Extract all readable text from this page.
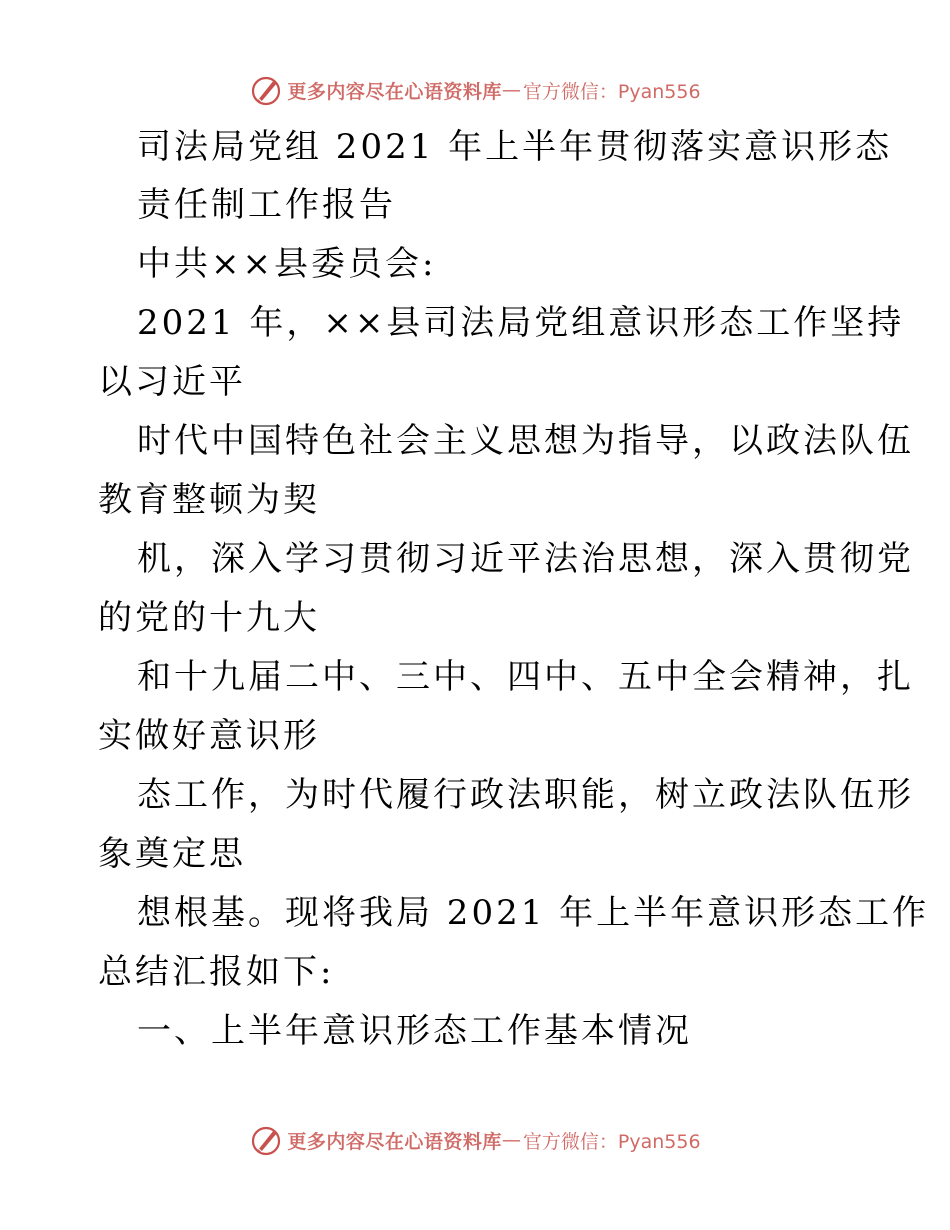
更多内容尽在心语资料库 — 官方微信：Pyan556
司法局党组 2021 年上半年贯彻落实意识形态
责任制工作报告
中共××县委员会:
2021 年，××县司法局党组意识形态工作坚持
以习近平
时代中国特色社会主义思想为指导，以政法队伍
教育整顿为契
机，深入学习贯彻习近平法治思想，深入贯彻党
的党的十九大
和十九届二中、三中、四中、五中全会精神，扎
实做好意识形
态工作，为时代履行政法职能，树立政法队伍形
象奠定思
想根基。现将我局 2021 年上半年意识形态工作
总结汇报如下:
一、上半年意识形态工作基本情况
更多内容尽在心语资料库 — 官方微信：Pyan556
